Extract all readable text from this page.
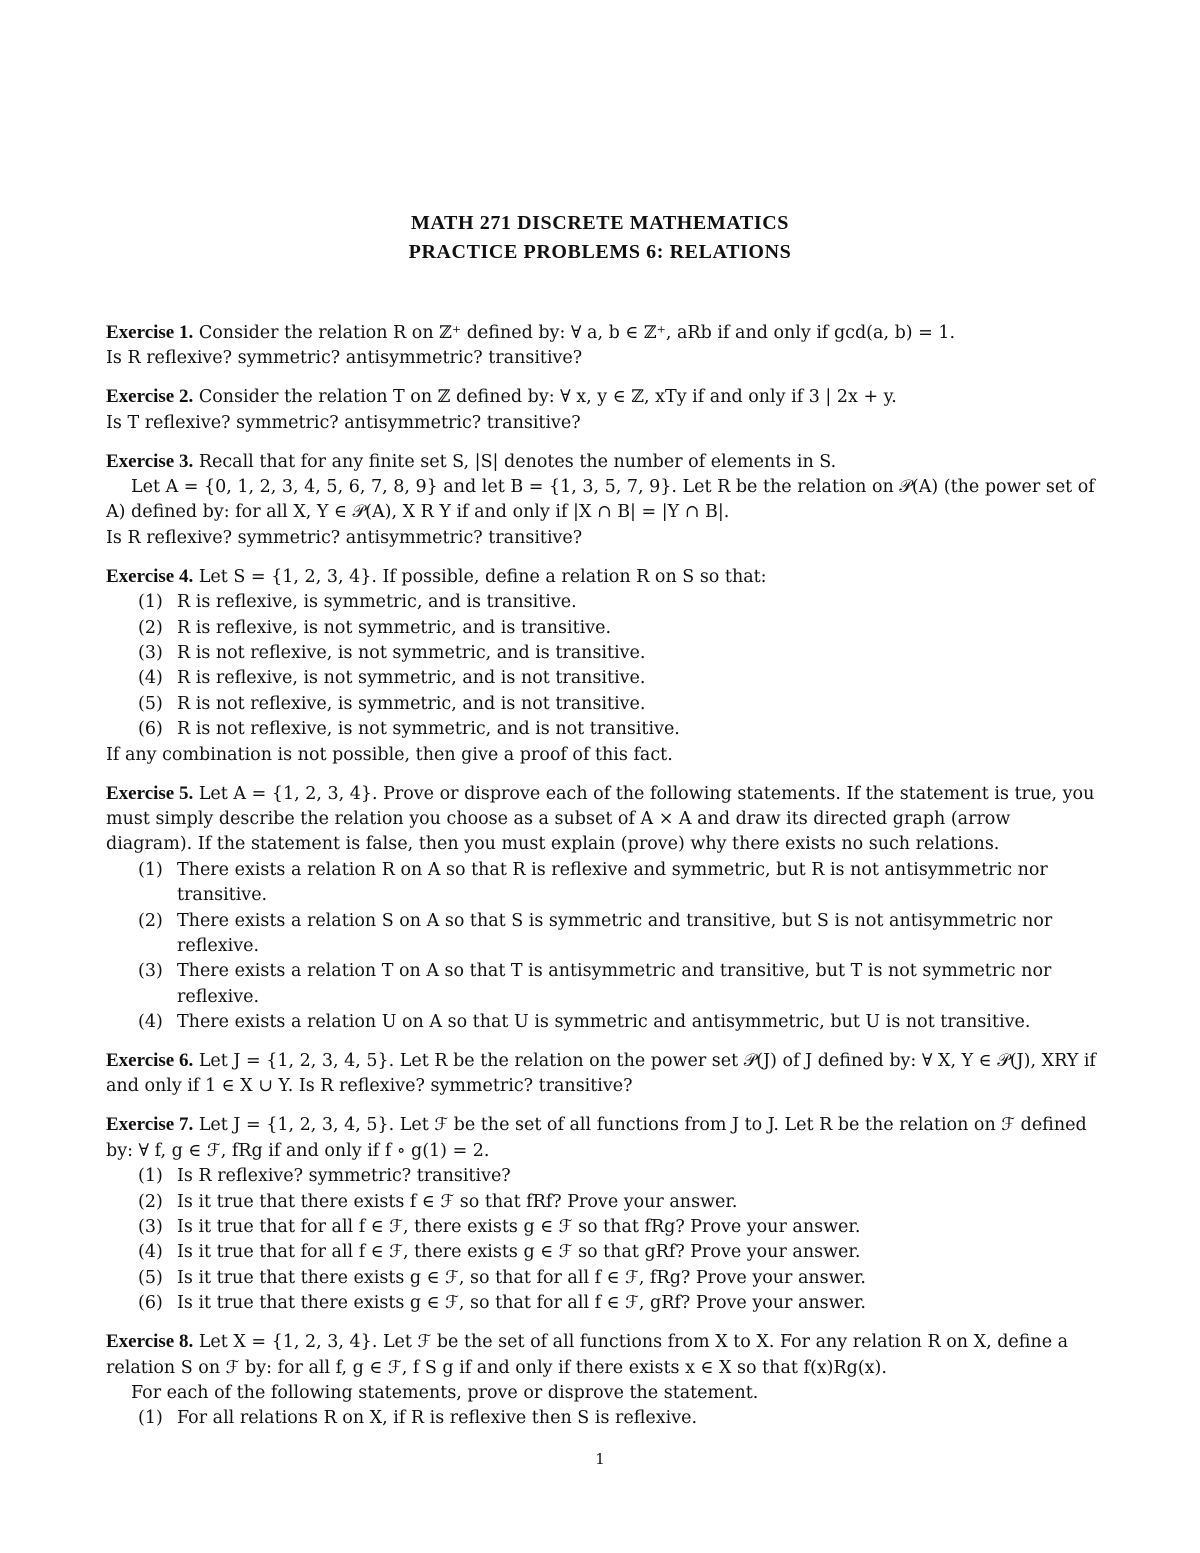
MATH 271 DISCRETE MATHEMATICS
PRACTICE PROBLEMS 6: RELATIONS

Exercise 1. Consider the relation R on ℤ⁺ defined by: ∀ a, b ∈ ℤ⁺, aRb if and only if gcd(a, b) = 1.

Is R reflexive? symmetric? antisymmetric? transitive?

Exercise 2. Consider the relation T on ℤ defined by: ∀ x, y ∈ ℤ, xTy if and only if 3 | 2x + y.

Is T reflexive? symmetric? antisymmetric? transitive?

Exercise 3. Recall that for any finite set S, |S| denotes the number of elements in S.

Let A = {0, 1, 2, 3, 4, 5, 6, 7, 8, 9} and let B = {1, 3, 5, 7, 9}. Let R be the relation on 𝒫(A) (the power set of A) defined by: for all X, Y ∈ 𝒫(A), X R Y if and only if |X ∩ B| = |Y ∩ B|.

Is R reflexive? symmetric? antisymmetric? transitive?

Exercise 4. Let S = {1, 2, 3, 4}. If possible, define a relation R on S so that:

(1) R is reflexive, is symmetric, and is transitive.
(2) R is reflexive, is not symmetric, and is transitive.
(3) R is not reflexive, is not symmetric, and is transitive.
(4) R is reflexive, is not symmetric, and is not transitive.
(5) R is not reflexive, is symmetric, and is not transitive.
(6) R is not reflexive, is not symmetric, and is not transitive.

If any combination is not possible, then give a proof of this fact.

Exercise 5. Let A = {1, 2, 3, 4}. Prove or disprove each of the following statements. If the statement is true, you must simply describe the relation you choose as a subset of A × A and draw its directed graph (arrow diagram). If the statement is false, then you must explain (prove) why there exists no such relations.

(1) There exists a relation R on A so that R is reflexive and symmetric, but R is not antisymmetric nor transitive.
(2) There exists a relation S on A so that S is symmetric and transitive, but S is not antisymmetric nor reflexive.
(3) There exists a relation T on A so that T is antisymmetric and transitive, but T is not symmetric nor reflexive.
(4) There exists a relation U on A so that U is symmetric and antisymmetric, but U is not transitive.

Exercise 6. Let J = {1, 2, 3, 4, 5}. Let R be the relation on the power set 𝒫(J) of J defined by: ∀ X, Y ∈ 𝒫(J), XRY if and only if 1 ∈ X ∪ Y. Is R reflexive? symmetric? transitive?

Exercise 7. Let J = {1, 2, 3, 4, 5}. Let ℱ be the set of all functions from J to J. Let R be the relation on ℱ defined by: ∀ f, g ∈ ℱ, fRg if and only if f ∘ g(1) = 2.

(1) Is R reflexive? symmetric? transitive?
(2) Is it true that there exists f ∈ ℱ so that fRf? Prove your answer.
(3) Is it true that for all f ∈ ℱ, there exists g ∈ ℱ so that fRg? Prove your answer.
(4) Is it true that for all f ∈ ℱ, there exists g ∈ ℱ so that gRf? Prove your answer.
(5) Is it true that there exists g ∈ ℱ, so that for all f ∈ ℱ, fRg? Prove your answer.
(6) Is it true that there exists g ∈ ℱ, so that for all f ∈ ℱ, gRf? Prove your answer.

Exercise 8. Let X = {1, 2, 3, 4}. Let ℱ be the set of all functions from X to X. For any relation R on X, define a relation S on ℱ by: for all f, g ∈ ℱ, f S g if and only if there exists x ∈ X so that f(x)Rg(x).

For each of the following statements, prove or disprove the statement.

(1) For all relations R on X, if R is reflexive then S is reflexive.
1
